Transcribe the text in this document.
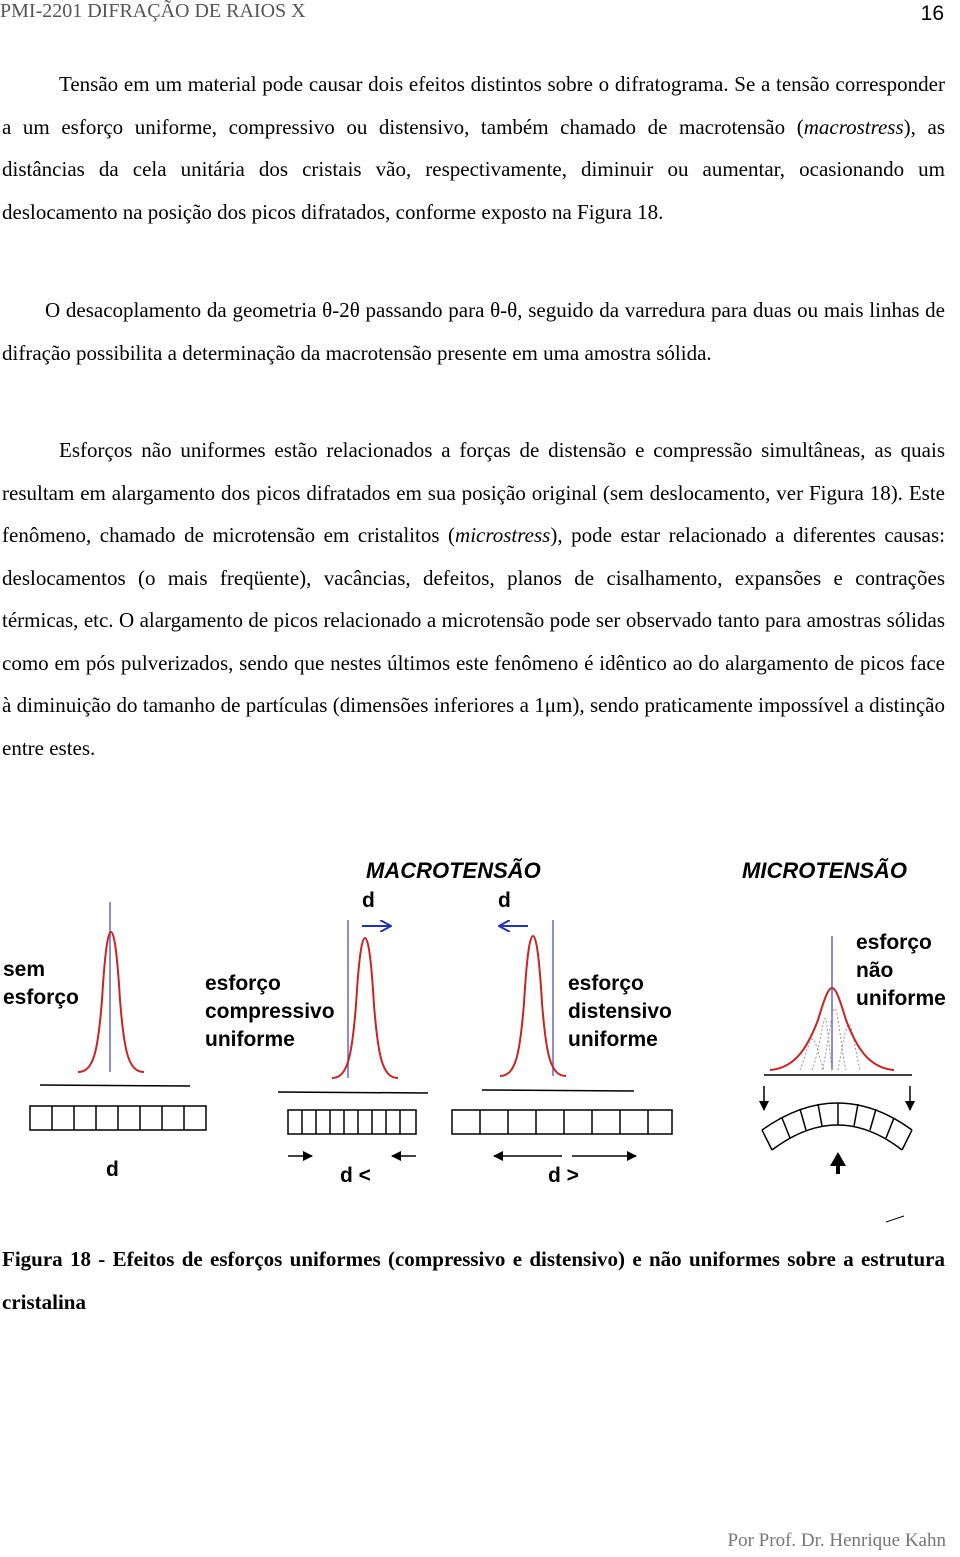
PMI-2201 DIFRAÇÃO DE RAIOS X	16

Tensão em um material pode causar dois efeitos distintos sobre o difratograma. Se a tensão corresponder a um esforço uniforme, compressivo ou distensivo, também chamado de macrotensão (macrostress), as distâncias da cela unitária dos cristais vão, respectivamente, diminuir ou aumentar, ocasionando um deslocamento na posição dos picos difratados, conforme exposto na Figura 18.

O desacoplamento da geometria θ-2θ passando para θ-θ, seguido da varredura para duas ou mais linhas de difração possibilita a determinação da macrotensão presente em uma amostra sólida.

Esforços não uniformes estão relacionados a forças de distensão e compressão simultâneas, as quais resultam em alargamento dos picos difratados em sua posição original (sem deslocamento, ver Figura 18). Este fenômeno, chamado de microtensão em cristalitos (microstress), pode estar relacionado a diferentes causas: deslocamentos (o mais freqüente), vacâncias, defeitos, planos de cisalhamento, expansões e contrações térmicas, etc. O alargamento de picos relacionado a microtensão pode ser observado tanto para amostras sólidas como em pós pulverizados, sendo que nestes últimos este fenômeno é idêntico ao do alargamento de picos face à diminuição do tamanho de partículas (dimensões inferiores a 1μm), sendo praticamente impossível a distinção entre estes.

MACROTENSÃO	MICROTENSÃO
d	d
sem
esforço
esforço
compressivo
uniforme
esforço
distensivo
uniforme
esforço
não
uniforme
d	d <	d >

Figura 18 - Efeitos de esforços uniformes (compressivo e distensivo) e não uniformes sobre a estrutura cristalina

Por Prof. Dr. Henrique Kahn
